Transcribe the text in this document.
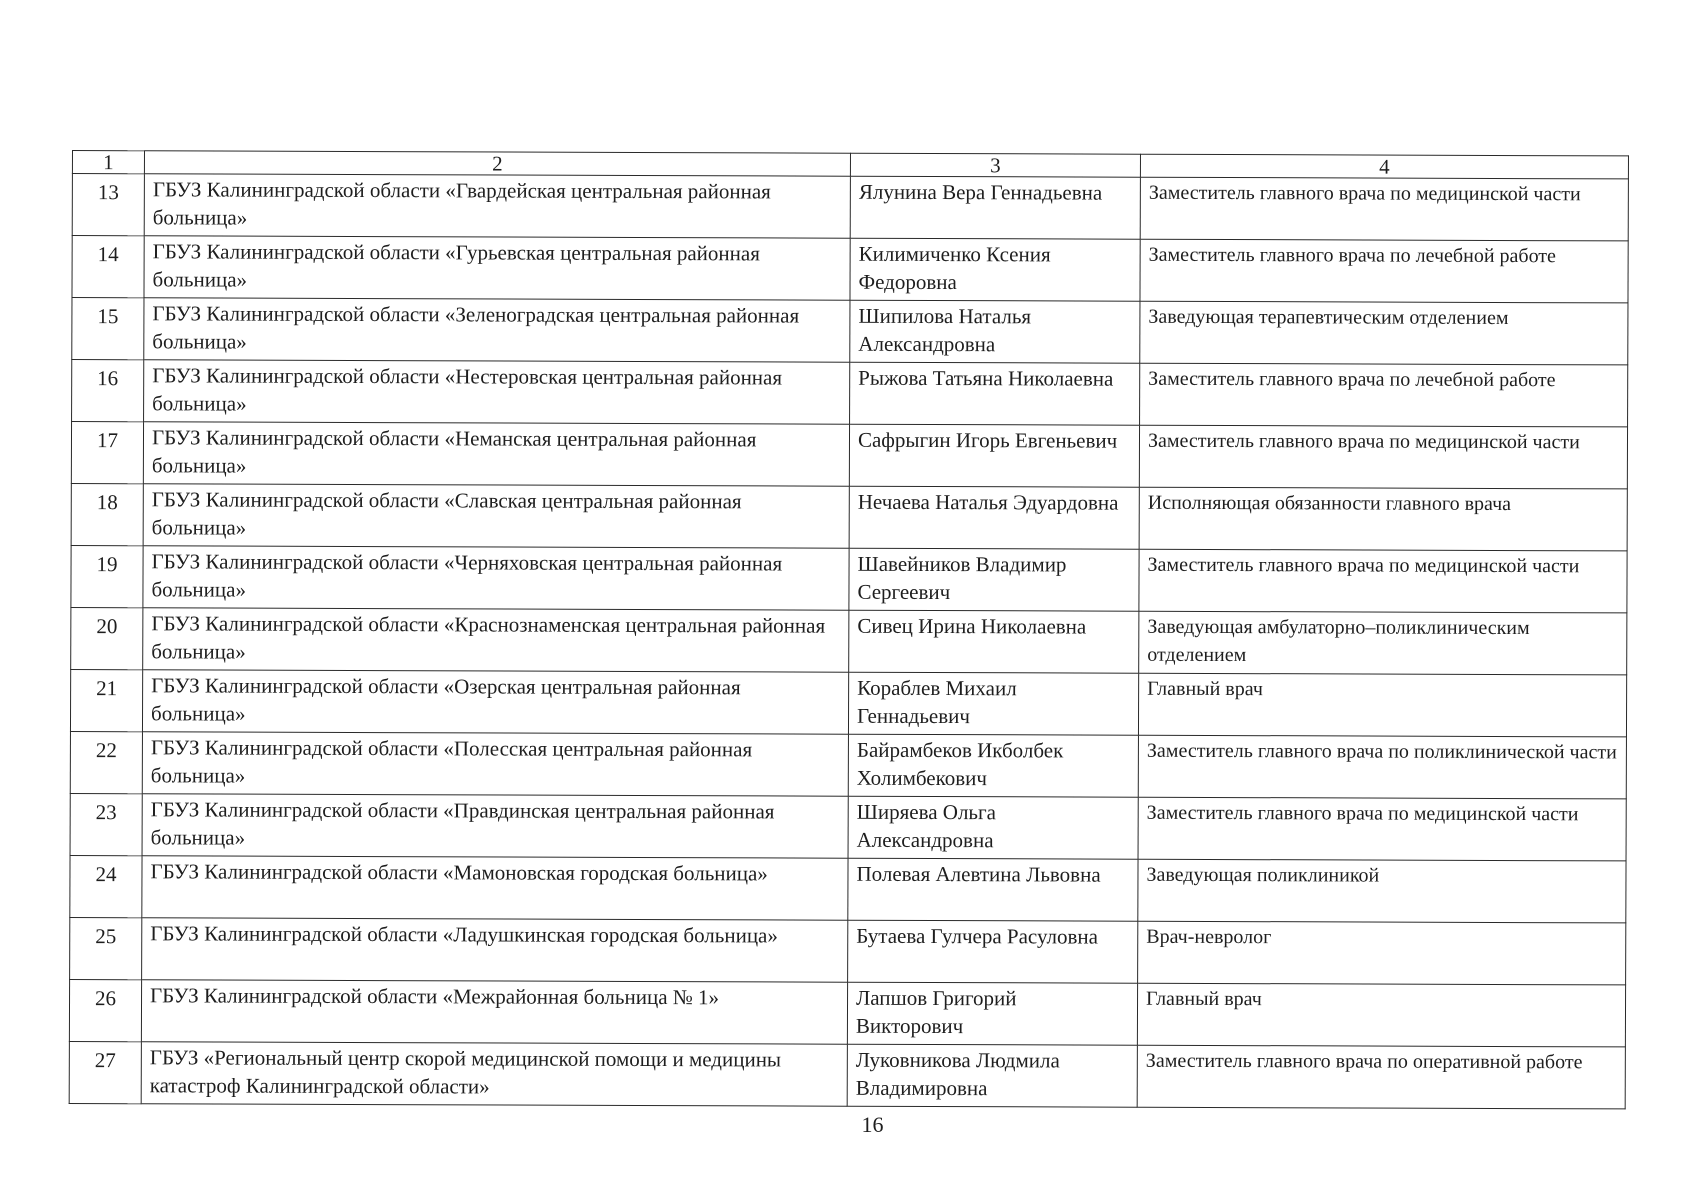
1	2	3	4
13	ГБУЗ Калининградской области «Гвардейская центральная районная больница»	Ялунина Вера Геннадьевна	Заместитель главного врача по медицинской части
14	ГБУЗ Калининградской области «Гурьевская центральная районная больница»	Килимиченко Ксения Федоровна	Заместитель главного врача по лечебной работе
15	ГБУЗ Калининградской области «Зеленоградская центральная районная больница»	Шипилова Наталья Александровна	Заведующая терапевтическим отделением
16	ГБУЗ Калининградской области «Нестеровская центральная районная больница»	Рыжова Татьяна Николаевна	Заместитель главного врача по лечебной работе
17	ГБУЗ Калининградской области «Неманская центральная районная больница»	Сафрыгин Игорь Евгеньевич	Заместитель главного врача по медицинской части
18	ГБУЗ Калининградской области «Славская центральная районная больница»	Нечаева Наталья Эдуардовна	Исполняющая обязанности главного врача
19	ГБУЗ Калининградской области «Черняховская центральная районная больница»	Шавейников Владимир Сергеевич	Заместитель главного врача по медицинской части
20	ГБУЗ Калининградской области «Краснознаменская центральная районная больница»	Сивец Ирина Николаевна	Заведующая амбулаторно–поликлиническим отделением
21	ГБУЗ Калининградской области «Озерская центральная районная больница»	Кораблев Михаил Геннадьевич	Главный врач
22	ГБУЗ Калининградской области «Полесская центральная районная больница»	Байрамбеков Икболбек Холимбекович	Заместитель главного врача по поликлинической части
23	ГБУЗ Калининградской области «Правдинская центральная районная больница»	Ширяева Ольга Александровна	Заместитель главного врача по медицинской части
24	ГБУЗ Калининградской области «Мамоновская городская больница»	Полевая Алевтина Львовна	Заведующая поликлиникой
25	ГБУЗ Калининградской области «Ладушкинская городская больница»	Бутаева Гулчера Расуловна	Врач-невролог
26	ГБУЗ Калининградской области «Межрайонная больница № 1»	Лапшов Григорий Викторович	Главный врач
27	ГБУЗ «Региональный центр скорой медицинской помощи и медицины катастроф Калининградской области»	Луковникова Людмила Владимировна	Заместитель главного врача по оперативной работе
16
